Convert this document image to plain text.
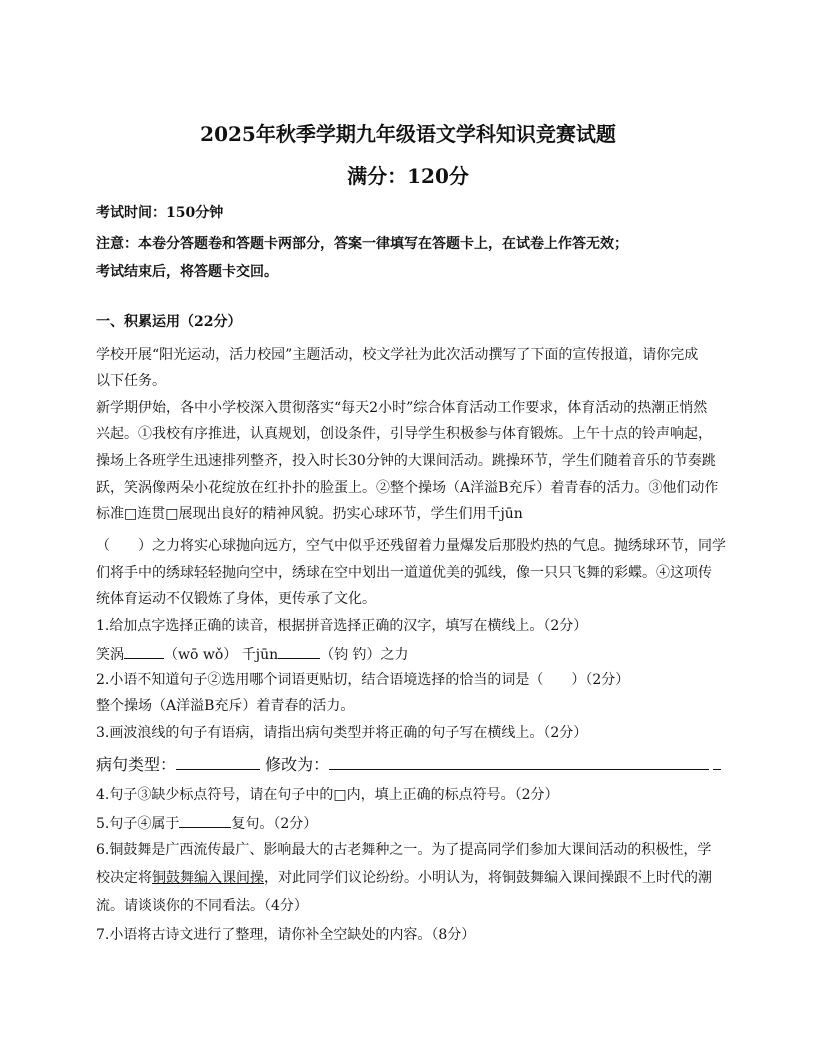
2025年秋季学期九年级语文学科知识竞赛试题
满分：120分
考试时间：150分钟
注意：本卷分答题卷和答题卡两部分，答案一律填写在答题卡上，在试卷上作答无效；
考试结束后，将答题卡交回。
一、积累运用（22分）
学校开展“阳光运动，活力校园”主题活动，校文学社为此次活动撰写了下面的宣传报道，请你完成
以下任务。
新学期伊始，各中小学校深入贯彻落实“每天2小时”综合体育活动工作要求，体育活动的热潮正悄然
兴起。①我校有序推进，认真规划，创设条件，引导学生积极参与体育锻炼。上午十点的铃声响起，
操场上各班学生迅速排列整齐，投入时长30分钟的大课间活动。跳操环节，学生们随着音乐的节奏跳
跃，笑涡像两朵小花绽放在红扑扑的脸蛋上。②整个操场（A洋溢B充斥）着青春的活力。③他们动作
标准□连贯□展现出良好的精神风貌。扔实心球环节，学生们用千jūn
（　　）之力将实心球抛向远方，空气中似乎还残留着力量爆发后那股灼热的气息。抛绣球环节，同学
们将手中的绣球轻轻抛向空中，绣球在空中划出一道道优美的弧线，像一只只飞舞的彩蝶。④这项传
统体育运动不仅锻炼了身体，更传承了文化。
1.给加点字选择正确的读音，根据拼音选择正确的汉字，填写在横线上。（2分）
笑涡	（wō wǒ） 千jūn	（钧 钓）之力
2.小语不知道句子②选用哪个词语更贴切，结合语境选择的恰当的词是（　　）（2分）
整个操场（A洋溢B充斥）着青春的活力。
3.画波浪线的句子有语病，请指出病句类型并将正确的句子写在横线上。（2分）
病句类型：	修改为：
4.句子③缺少标点符号，请在句子中的□内，填上正确的标点符号。（2分）
5.句子④属于	复句。（2分）
6.铜鼓舞是广西流传最广、影响最大的古老舞种之一。为了提高同学们参加大课间活动的积极性，学
校决定将铜鼓舞编入课间操，对此同学们议论纷纷。小明认为，将铜鼓舞编入课间操跟不上时代的潮
流。请谈谈你的不同看法。（4分）
7.小语将古诗文进行了整理，请你补全空缺处的内容。（8分）
